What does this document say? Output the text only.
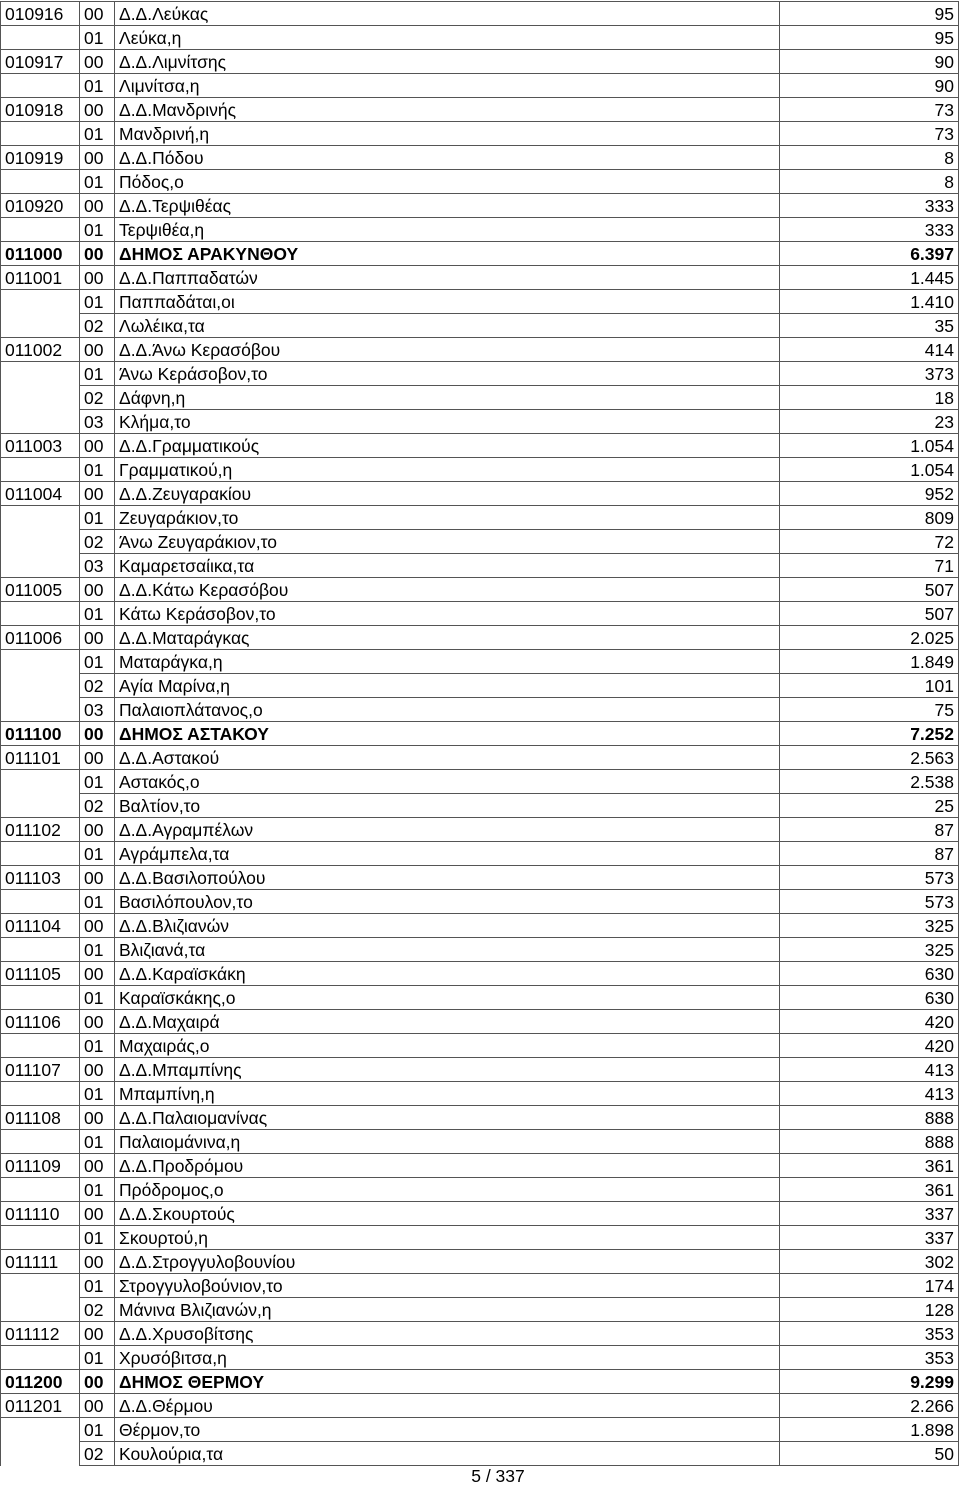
010916	00	Δ.Δ.Λεύκας	95
	01	Λεύκα,η	95
010917	00	Δ.Δ.Λιμνίτσης	90
	01	Λιμνίτσα,η	90
010918	00	Δ.Δ.Μανδρινής	73
	01	Μανδρινή,η	73
010919	00	Δ.Δ.Πόδου	8
	01	Πόδος,ο	8
010920	00	Δ.Δ.Τερψιθέας	333
	01	Τερψιθέα,η	333
011000	00	ΔΗΜΟΣ ΑΡΑΚΥΝΘΟΥ	6.397
011001	00	Δ.Δ.Παππαδατών	1.445
	01	Παππαδάται,οι	1.410
	02	Λωλέικα,τα	35
011002	00	Δ.Δ.Άνω Κερασόβου	414
	01	Άνω Κεράσοβον,το	373
	02	Δάφνη,η	18
	03	Κλήμα,το	23
011003	00	Δ.Δ.Γραμματικούς	1.054
	01	Γραμματικού,η	1.054
011004	00	Δ.Δ.Ζευγαρακίου	952
	01	Ζευγαράκιον,το	809
	02	Άνω Ζευγαράκιον,το	72
	03	Καμαρετσαίικα,τα	71
011005	00	Δ.Δ.Κάτω Κερασόβου	507
	01	Κάτω Κεράσοβον,το	507
011006	00	Δ.Δ.Ματαράγκας	2.025
	01	Ματαράγκα,η	1.849
	02	Αγία Μαρίνα,η	101
	03	Παλαιοπλάτανος,ο	75
011100	00	ΔΗΜΟΣ ΑΣΤΑΚΟΥ	7.252
011101	00	Δ.Δ.Αστακού	2.563
	01	Αστακός,ο	2.538
	02	Βαλτίον,το	25
011102	00	Δ.Δ.Αγραμπέλων	87
	01	Αγράμπελα,τα	87
011103	00	Δ.Δ.Βασιλοπούλου	573
	01	Βασιλόπουλον,το	573
011104	00	Δ.Δ.Βλιζιανών	325
	01	Βλιζιανά,τα	325
011105	00	Δ.Δ.Καραϊσκάκη	630
	01	Καραϊσκάκης,ο	630
011106	00	Δ.Δ.Μαχαιρά	420
	01	Μαχαιράς,ο	420
011107	00	Δ.Δ.Μπαμπίνης	413
	01	Μπαμπίνη,η	413
011108	00	Δ.Δ.Παλαιομανίνας	888
	01	Παλαιομάνινα,η	888
011109	00	Δ.Δ.Προδρόμου	361
	01	Πρόδρομος,ο	361
011110	00	Δ.Δ.Σκουρτούς	337
	01	Σκουρτού,η	337
011111	00	Δ.Δ.Στρογγυλοβουνίου	302
	01	Στρογγυλοβούνιον,το	174
	02	Μάνινα Βλιζιανών,η	128
011112	00	Δ.Δ.Χρυσοβίτσης	353
	01	Χρυσόβιτσα,η	353
011200	00	ΔΗΜΟΣ ΘΕΡΜΟΥ	9.299
011201	00	Δ.Δ.Θέρμου	2.266
	01	Θέρμον,το	1.898
	02	Κουλούρια,τα	50
5 / 337
